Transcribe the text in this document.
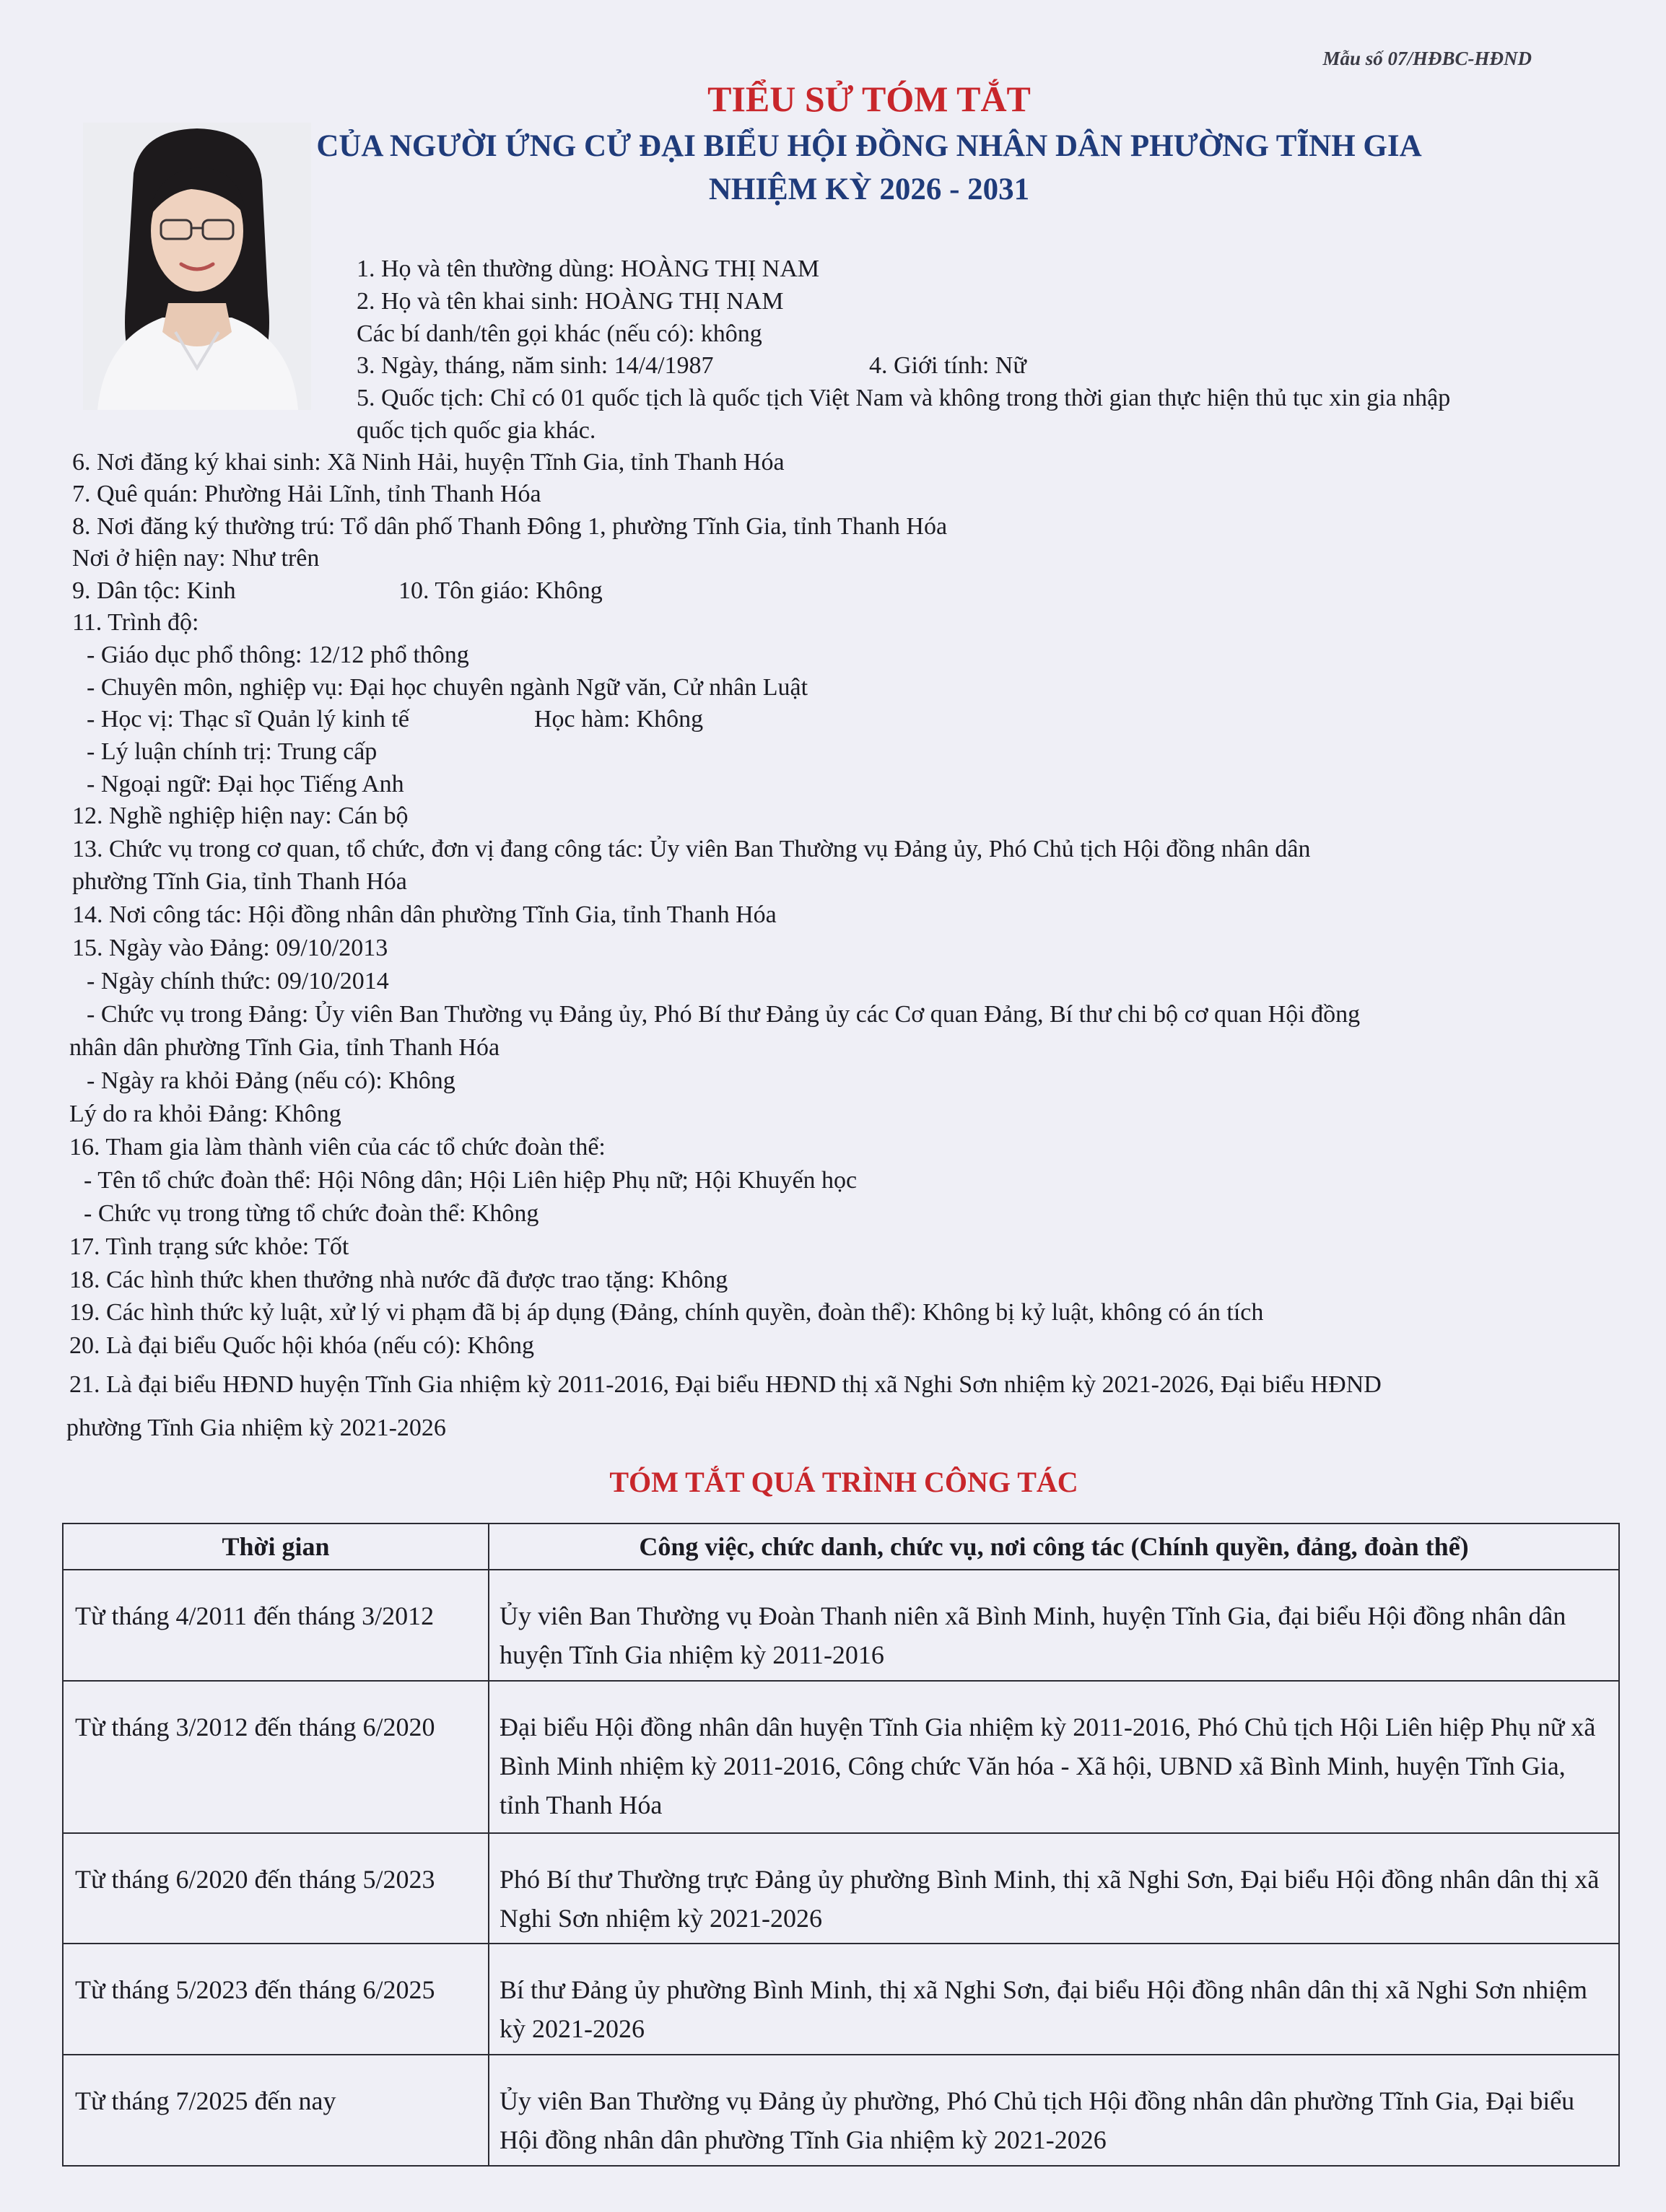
Mẫu số 07/HĐBC-HĐND
TIỂU SỬ TÓM TẮT
CỦA NGƯỜI ỨNG CỬ ĐẠI BIỂU HỘI ĐỒNG NHÂN DÂN PHƯỜNG TĨNH GIA
NHIỆM KỲ 2026 - 2031
1. Họ và tên thường dùng: HOÀNG THỊ NAM
2. Họ và tên khai sinh: HOÀNG THỊ NAM
Các bí danh/tên gọi khác (nếu có): không
3. Ngày, tháng, năm sinh: 14/4/1987	4. Giới tính: Nữ
5. Quốc tịch: Chỉ có 01 quốc tịch là quốc tịch Việt Nam và không trong thời gian thực hiện thủ tục xin gia nhập
quốc tịch quốc gia khác.
6. Nơi đăng ký khai sinh: Xã Ninh Hải, huyện Tĩnh Gia, tỉnh Thanh Hóa
7. Quê quán: Phường Hải Lĩnh, tỉnh Thanh Hóa
8. Nơi đăng ký thường trú: Tổ dân phố Thanh Đông 1, phường Tĩnh Gia, tỉnh Thanh Hóa
Nơi ở hiện nay: Như trên
9. Dân tộc: Kinh	10. Tôn giáo: Không
11. Trình độ:
- Giáo dục phổ thông: 12/12 phổ thông
- Chuyên môn, nghiệp vụ: Đại học chuyên ngành Ngữ văn, Cử nhân Luật
- Học vị: Thạc sĩ Quản lý kinh tế	Học hàm: Không
- Lý luận chính trị: Trung cấp
- Ngoại ngữ: Đại học Tiếng Anh
12. Nghề nghiệp hiện nay: Cán bộ
13. Chức vụ trong cơ quan, tổ chức, đơn vị đang công tác: Ủy viên Ban Thường vụ Đảng ủy, Phó Chủ tịch Hội đồng nhân dân
phường Tĩnh Gia, tỉnh Thanh Hóa
14. Nơi công tác: Hội đồng nhân dân phường Tĩnh Gia, tỉnh Thanh Hóa
15. Ngày vào Đảng: 09/10/2013
- Ngày chính thức: 09/10/2014
- Chức vụ trong Đảng: Ủy viên Ban Thường vụ Đảng ủy, Phó Bí thư Đảng ủy các Cơ quan Đảng, Bí thư chi bộ cơ quan Hội đồng
nhân dân phường Tĩnh Gia, tỉnh Thanh Hóa
- Ngày ra khỏi Đảng (nếu có): Không
Lý do ra khỏi Đảng: Không
16. Tham gia làm thành viên của các tổ chức đoàn thể:
- Tên tổ chức đoàn thể: Hội Nông dân; Hội Liên hiệp Phụ nữ; Hội Khuyến học
- Chức vụ trong từng tổ chức đoàn thể: Không
17. Tình trạng sức khỏe: Tốt
18. Các hình thức khen thưởng nhà nước đã được trao tặng: Không
19. Các hình thức kỷ luật, xử lý vi phạm đã bị áp dụng (Đảng, chính quyền, đoàn thể): Không bị kỷ luật, không có án tích
20. Là đại biểu Quốc hội khóa (nếu có): Không
21. Là đại biểu HĐND huyện Tĩnh Gia nhiệm kỳ 2011-2016, Đại biểu HĐND thị xã Nghi Sơn nhiệm kỳ 2021-2026, Đại biểu HĐND
phường Tĩnh Gia nhiệm kỳ 2021-2026
TÓM TẮT QUÁ TRÌNH CÔNG TÁC
Thời gian	Công việc, chức danh, chức vụ, nơi công tác (Chính quyền, đảng, đoàn thể)
Từ tháng 4/2011 đến tháng 3/2012	Ủy viên Ban Thường vụ Đoàn Thanh niên xã Bình Minh, huyện Tĩnh Gia, đại biểu Hội đồng nhân dân huyện Tĩnh Gia nhiệm kỳ 2011-2016
Từ tháng 3/2012 đến tháng 6/2020	Đại biểu Hội đồng nhân dân huyện Tĩnh Gia nhiệm kỳ 2011-2016, Phó Chủ tịch Hội Liên hiệp Phụ nữ xã Bình Minh nhiệm kỳ 2011-2016, Công chức Văn hóa - Xã hội, UBND xã Bình Minh, huyện Tĩnh Gia, tỉnh Thanh Hóa
Từ tháng 6/2020 đến tháng 5/2023	Phó Bí thư Thường trực Đảng ủy phường Bình Minh, thị xã Nghi Sơn, Đại biểu Hội đồng nhân dân thị xã Nghi Sơn nhiệm kỳ 2021-2026
Từ tháng 5/2023 đến tháng 6/2025	Bí thư Đảng ủy phường Bình Minh, thị xã Nghi Sơn, đại biểu Hội đồng nhân dân thị xã Nghi Sơn nhiệm kỳ 2021-2026
Từ tháng 7/2025 đến nay	Ủy viên Ban Thường vụ Đảng ủy phường, Phó Chủ tịch Hội đồng nhân dân phường Tĩnh Gia, Đại biểu Hội đồng nhân dân phường Tĩnh Gia nhiệm kỳ 2021-2026
